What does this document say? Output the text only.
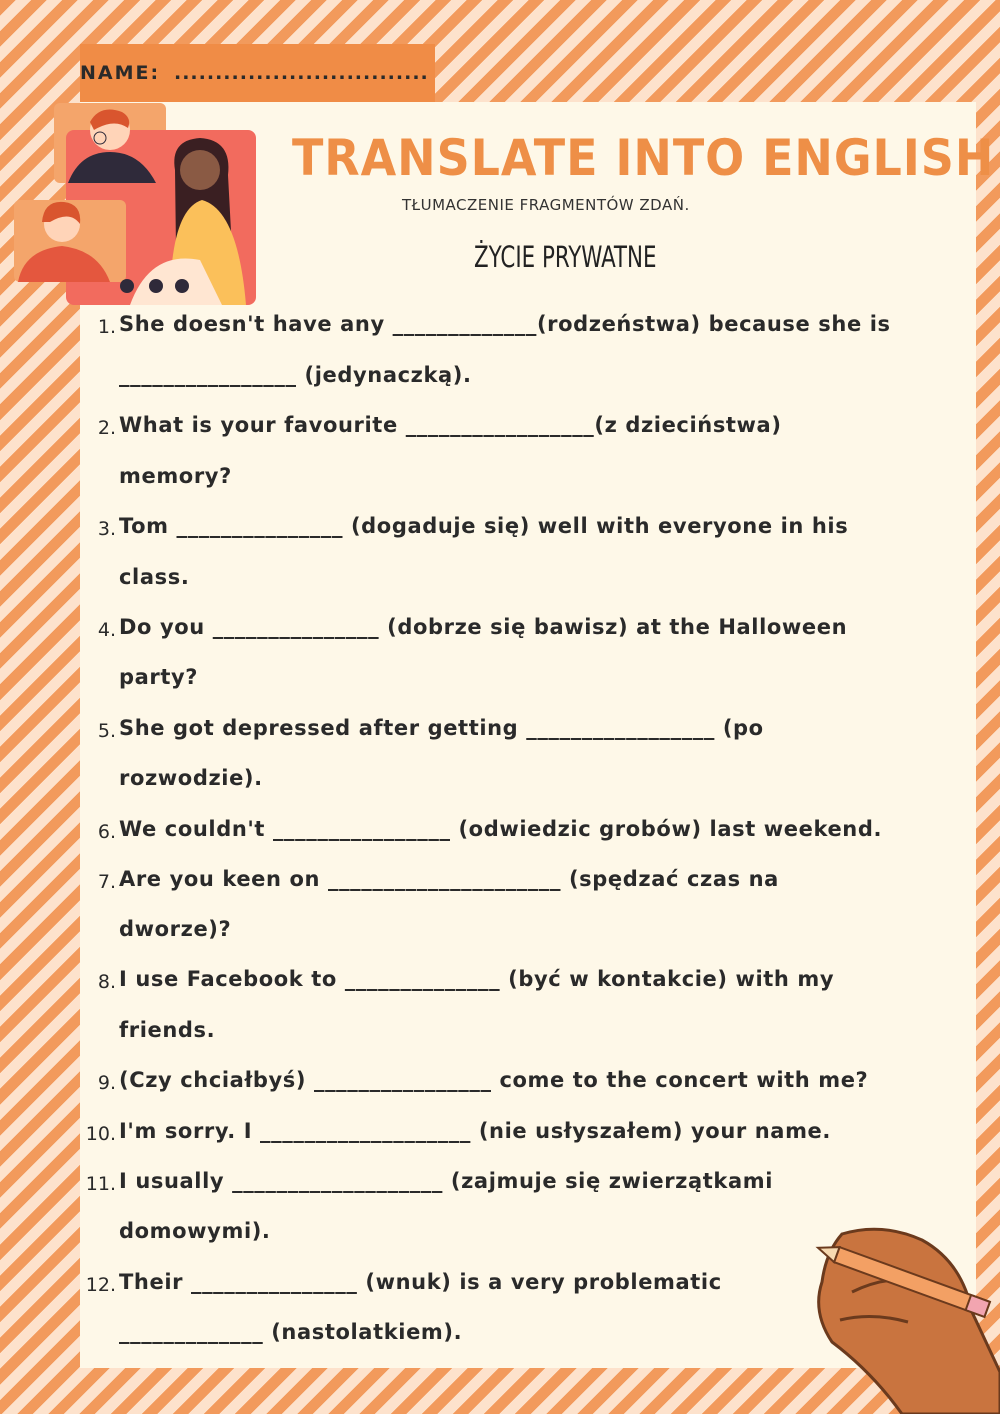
NAME: ...............................
TRANSLATE INTO ENGLISH
TŁUMACZENIE FRAGMENTÓW ZDAŃ.
ŻYCIE PRYWATNE
1. She doesn't have any _____________(rodzeństwa) because she is
________________ (jedynaczką).
2. What is your favourite _________________(z dzieciństwa)
memory?
3. Tom _______________ (dogaduje się) well with everyone in his
class.
4. Do you _______________ (dobrze się bawisz) at the Halloween
party?
5. She got depressed after getting _________________ (po
rozwodzie).
6. We couldn't ________________ (odwiedzic grobów) last weekend.
7. Are you keen on _____________________ (spędzać czas na
dworze)?
8. I use Facebook to ______________ (być w kontakcie) with my
friends.
9. (Czy chciałbyś) ________________ come to the concert with me?
10. I'm sorry. I ___________________ (nie usłyszałem) your name.
11. I usually ___________________ (zajmuje się zwierzątkami
domowymi).
12. Their _______________ (wnuk) is a very problematic
_____________ (nastolatkiem).
